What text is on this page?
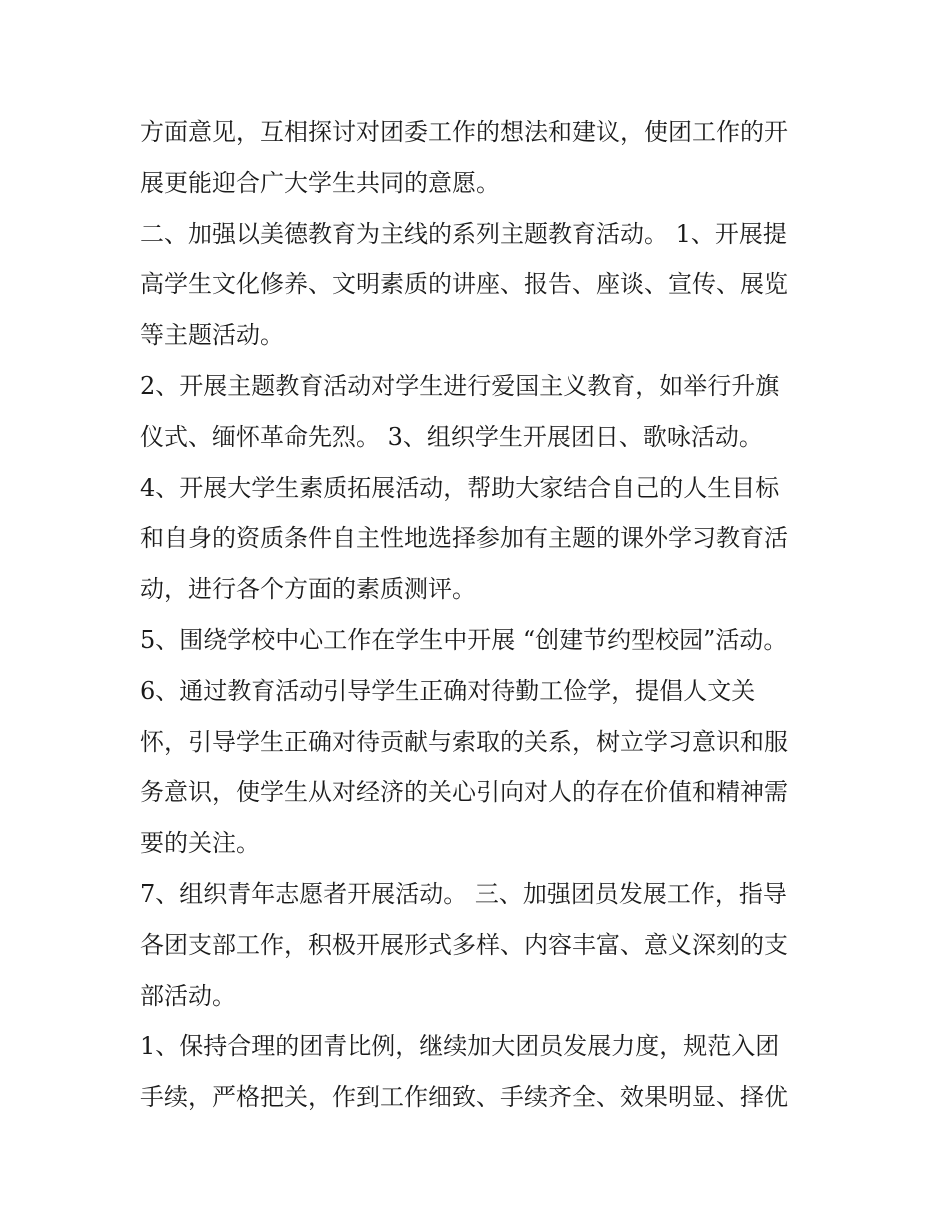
方面意见，互相探讨对团委工作的想法和建议，使团工作的开
展更能迎合广大学生共同的意愿。
二、加强以美德教育为主线的系列主题教育活动。 1、开展提
高学生文化修养、文明素质的讲座、报告、座谈、宣传、展览
等主题活动。
2、开展主题教育活动对学生进行爱国主义教育，如举行升旗
仪式、缅怀革命先烈。 3、组织学生开展团日、歌咏活动。
4、开展大学生素质拓展活动，帮助大家结合自己的人生目标
和自身的资质条件自主性地选择参加有主题的课外学习教育活
动，进行各个方面的素质测评。
5、围绕学校中心工作在学生中开展 “创建节约型校园”活动。
6、通过教育活动引导学生正确对待勤工俭学，提倡人文关
怀，引导学生正确对待贡献与索取的关系，树立学习意识和服
务意识，使学生从对经济的关心引向对人的存在价值和精神需
要的关注。
7、组织青年志愿者开展活动。 三、加强团员发展工作，指导
各团支部工作，积极开展形式多样、内容丰富、意义深刻的支
部活动。
1、保持合理的团青比例，继续加大团员发展力度，规范入团
手续，严格把关，作到工作细致、手续齐全、效果明显、择优
